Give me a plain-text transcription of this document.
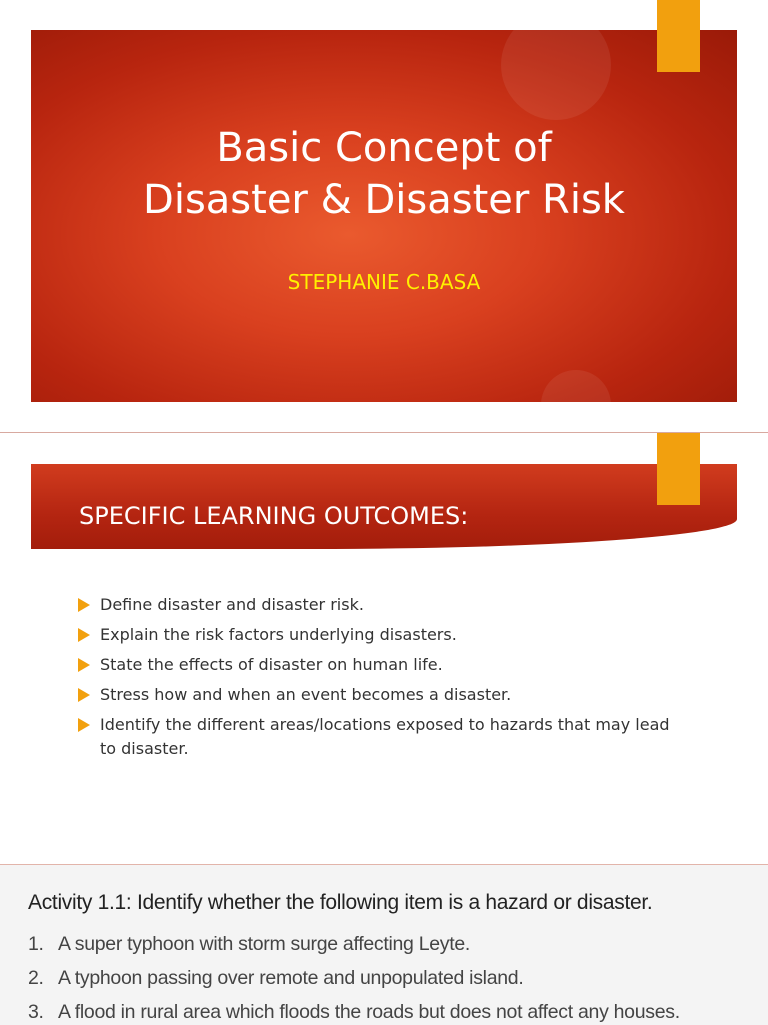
Basic Concept of
Disaster & Disaster Risk
STEPHANIE C.BASA
SPECIFIC LEARNING OUTCOMES:
Define disaster and disaster risk.
Explain the risk factors underlying disasters.
State the effects of disaster on human life.
Stress how and when an event becomes a disaster.
Identify the different areas/locations exposed to hazards that may lead to disaster.
Activity 1.1: Identify whether the following item is a hazard or disaster.
1. A super typhoon with storm surge affecting Leyte.
2. A typhoon passing over remote and unpopulated island.
3. A flood in rural area which floods the roads but does not affect any houses.
